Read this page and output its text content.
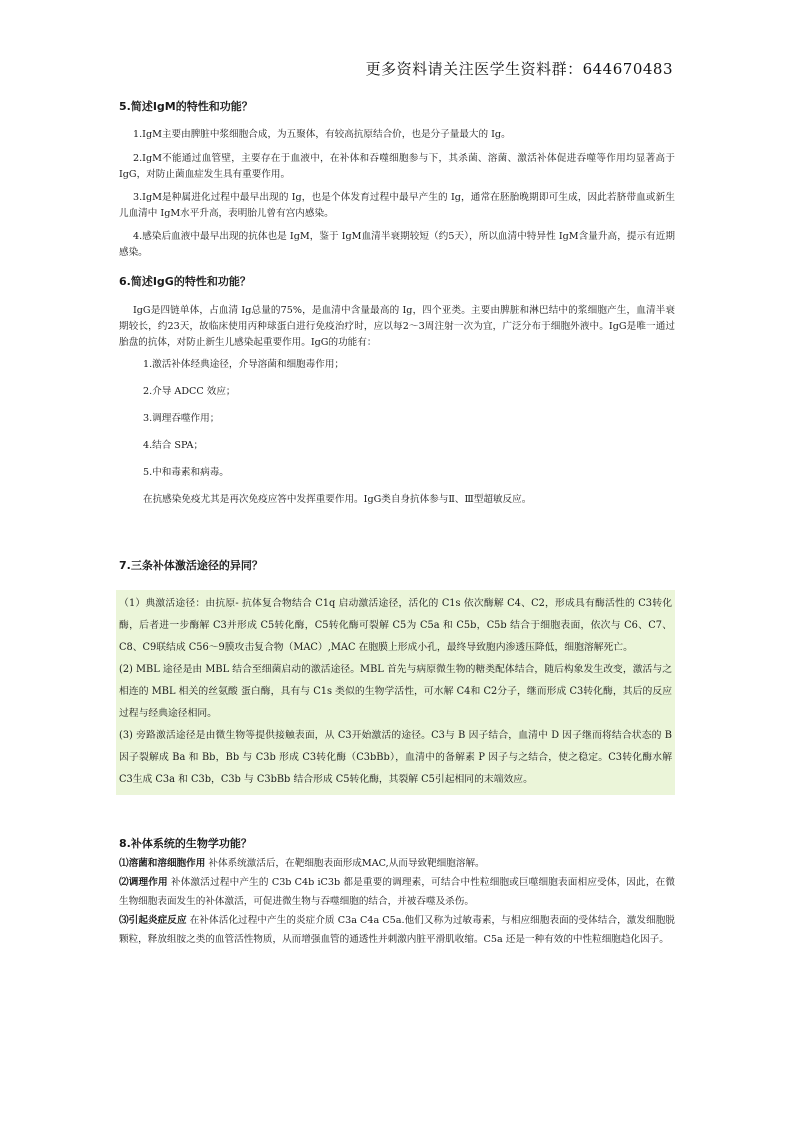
更多资料请关注医学生资料群：644670483

5.简述IgM的特性和功能？

1.IgM主要由脾脏中浆细胞合成，为五聚体，有较高抗原结合价，也是分子量最大的 Ig。

2.IgM不能通过血管壁，主要存在于血液中，在补体和吞噬细胞参与下，其杀菌、溶菌、激活补体促进吞噬等作用均显著高于 IgG，对防止菌血症发生具有重要作用。

3.IgM是种属进化过程中最早出现的 Ig，也是个体发育过程中最早产生的 Ig，通常在胚胎晚期即可生成，因此若脐带血或新生儿血清中 IgM水平升高，表明胎儿曾有宫内感染。

4.感染后血液中最早出现的抗体也是 IgM，鉴于 IgM血清半衰期较短（约5天），所以血清中特异性 IgM含量升高，提示有近期感染。

6.简述IgG的特性和功能？

IgG是四链单体，占血清 Ig总量的75%，是血清中含量最高的 Ig，四个亚类。主要由脾脏和淋巴结中的浆细胞产生，血清半衰期较长，约23天，故临床使用丙种球蛋白进行免疫治疗时，应以每2～3周注射一次为宜，广泛分布于细胞外液中。IgG是唯一通过胎盘的抗体，对防止新生儿感染起重要作用。IgG的功能有：

1.激活补体经典途径，介导溶菌和细胞毒作用；

2.介导 ADCC 效应；

3.调理吞噬作用；

4.结合 SPA；

5.中和毒素和病毒。

在抗感染免疫尤其是再次免疫应答中发挥重要作用。IgG类自身抗体参与Ⅱ、Ⅲ型超敏反应。

7.三条补体激活途径的异同？

（1）典激活途径：由抗原- 抗体复合物结合 C1q 启动激活途径，活化的 C1s 依次酶解 C4、C2，形成具有酶活性的 C3转化酶，后者进一步酶解 C3并形成 C5转化酶，C5转化酶可裂解 C5为 C5a 和 C5b，C5b 结合于细胞表面，依次与 C6、C7、C8、C9联结成 C56～9膜攻击复合物（MAC）,MAC 在胞膜上形成小孔，最终导致胞内渗透压降低，细胞溶解死亡。

(2) MBL 途径是由 MBL 结合至细菌启动的激活途径。MBL 首先与病原微生物的糖类配体结合，随后构象发生改变，激活与之相连的 MBL 相关的丝氨酸 蛋白酶，具有与 C1s 类似的生物学活性，可水解 C4和 C2分子，继而形成 C3转化酶，其后的反应过程与经典途径相同。

(3) 旁路激活途径是由微生物等提供接触表面，从 C3开始激活的途径。C3与 B 因子结合，血清中 D 因子继而将结合状态的 B 因子裂解成 Ba 和 Bb，Bb 与 C3b 形成 C3转化酶（C3bBb），血清中的备解素 P 因子与之结合，使之稳定。C3转化酶水解 C3生成 C3a 和 C3b，C3b 与 C3bBb 结合形成 C5转化酶，其裂解 C5引起相同的末端效应。

8.补体系统的生物学功能？

⑴溶菌和溶细胞作用 补体系统激活后，在靶细胞表面形成MAC,从而导致靶细胞溶解。

⑵调理作用 补体激活过程中产生的 C3b C4b iC3b 都是重要的调理素，可结合中性粒细胞或巨噬细胞表面相应受体，因此，在微生物细胞表面发生的补体激活，可促进微生物与吞噬细胞的结合，并被吞噬及杀伤。

⑶引起炎症反应 在补体活化过程中产生的炎症介质 C3a C4a C5a.他们又称为过敏毒素，与相应细胞表面的受体结合，激发细胞脱颗粒，释放组胺之类的血管活性物质，从而增强血管的通透性并刺激内脏平滑肌收缩。C5a 还是一种有效的中性粒细胞趋化因子。
